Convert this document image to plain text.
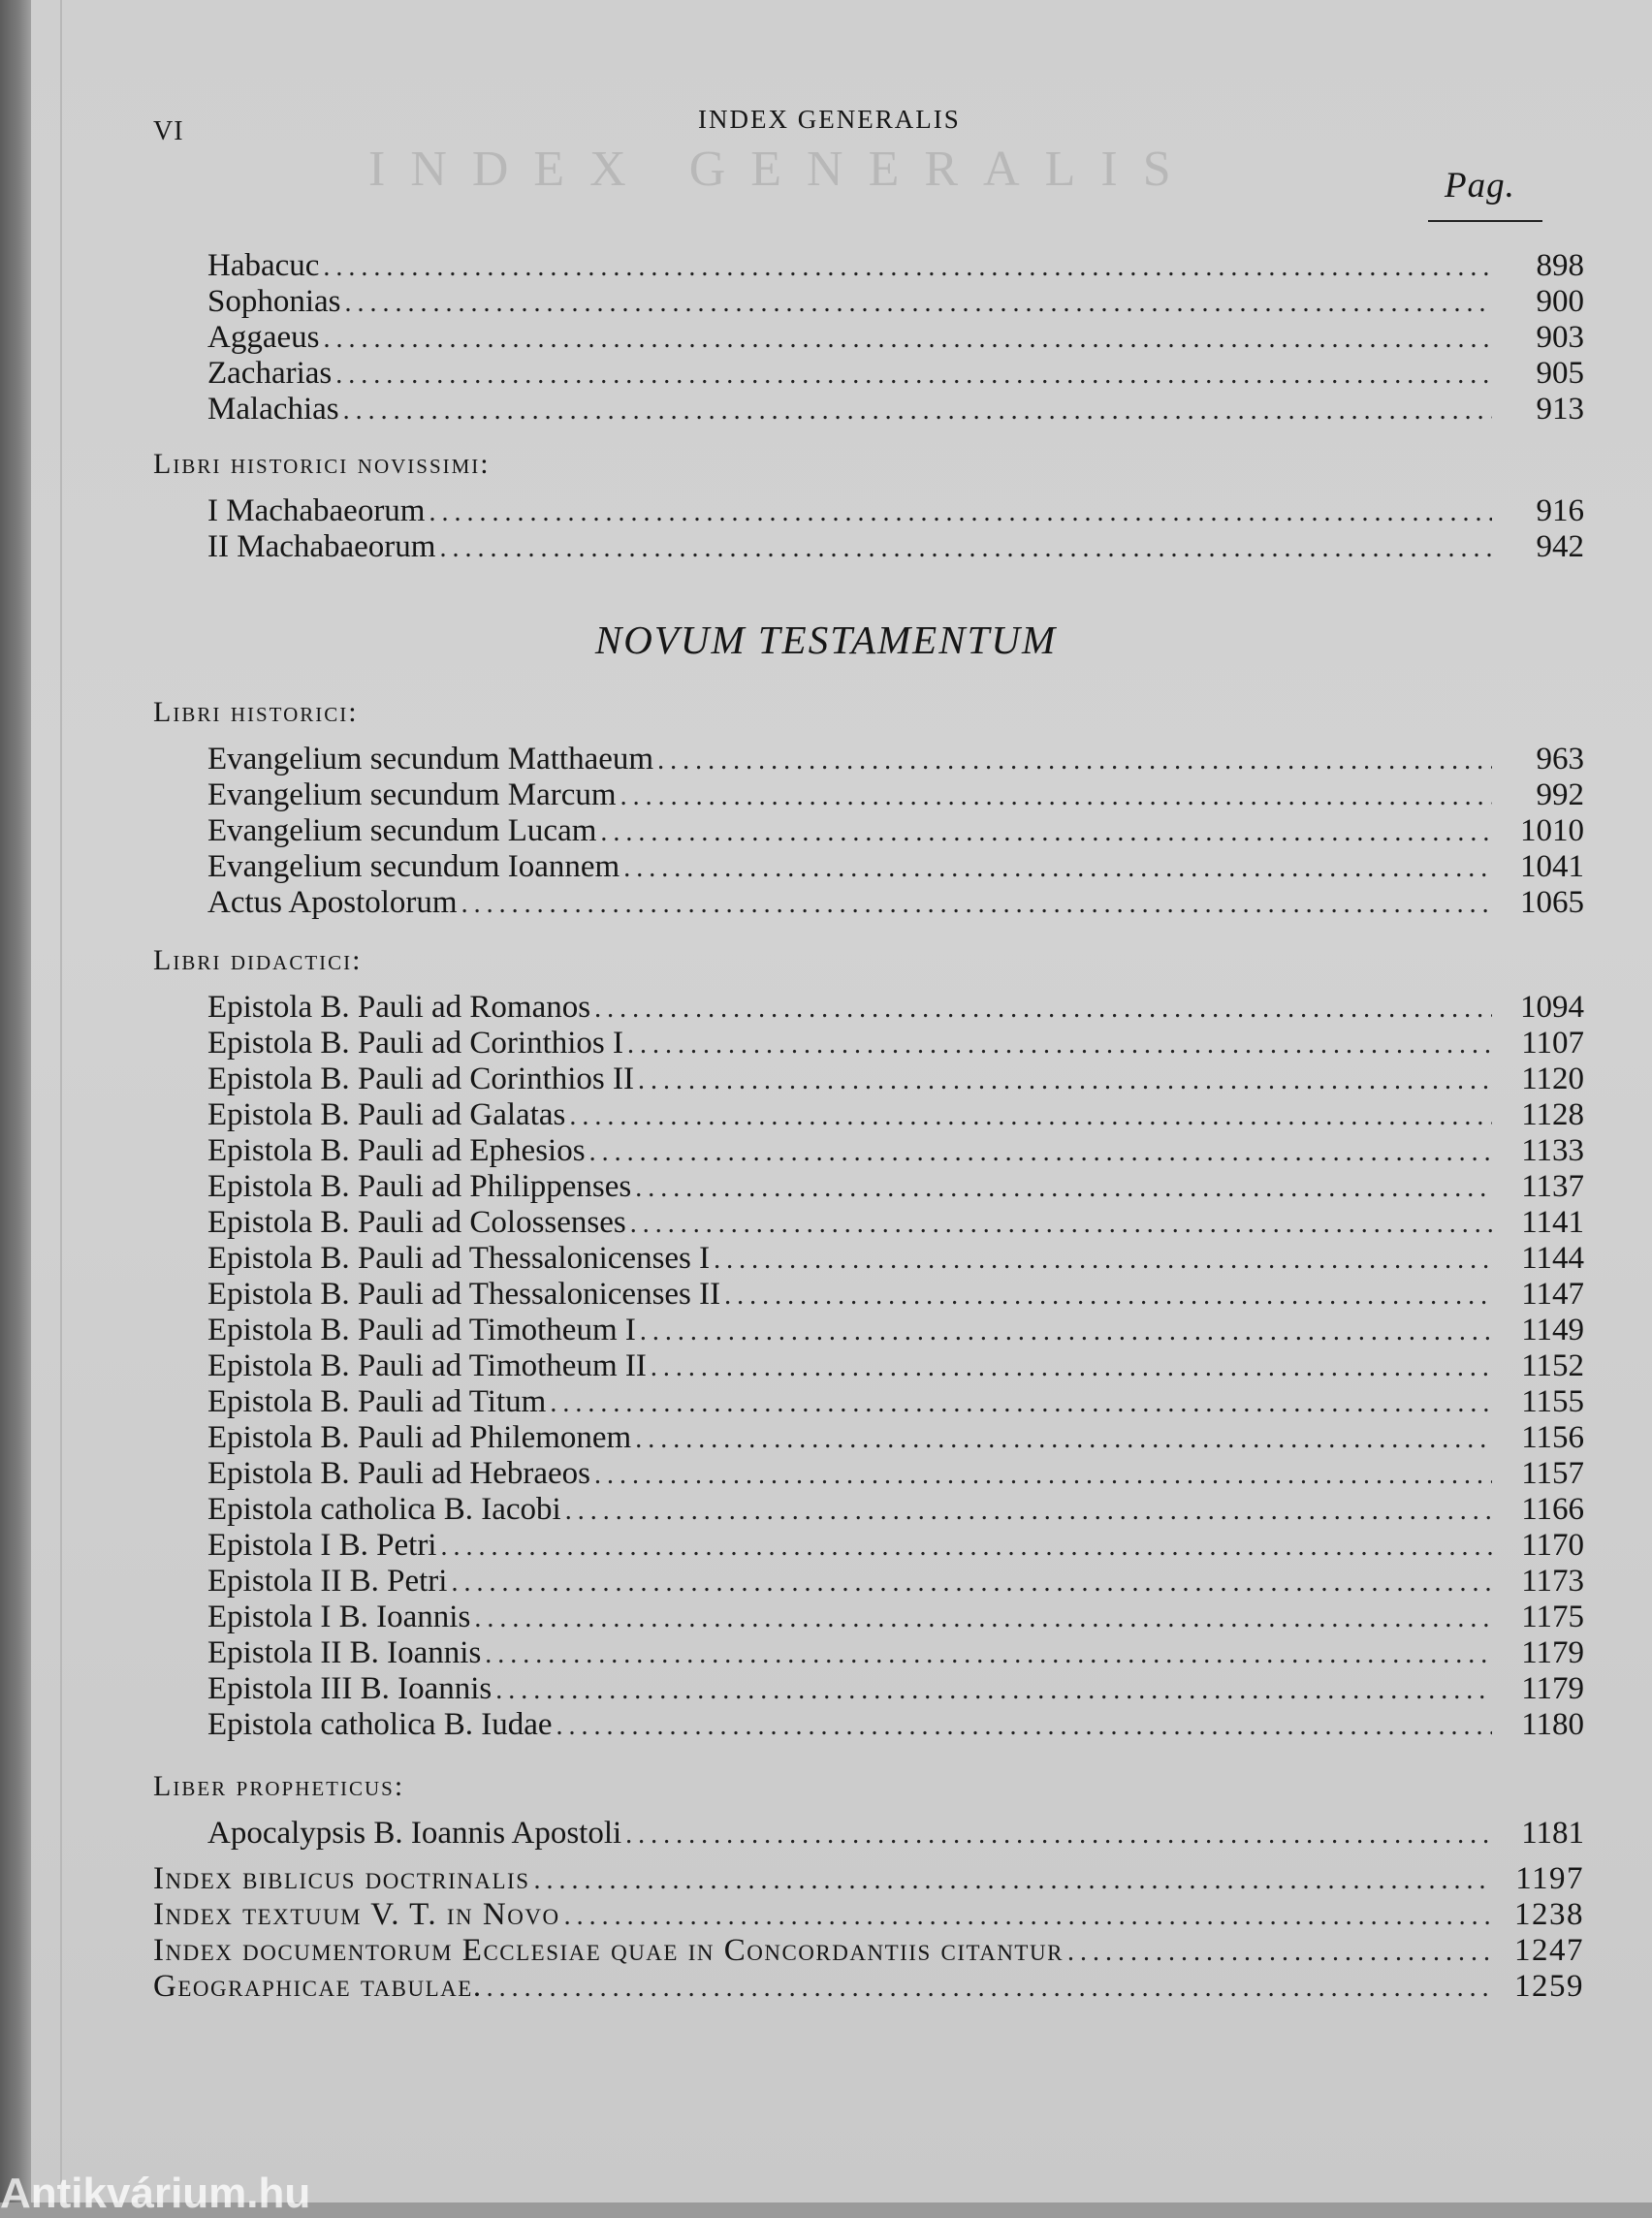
INDEX GENERALIS
VI	INDEX GENERALIS
Pag.
Habacuc .....	898
Sophonias .....	900
Aggaeus .....	903
Zacharias .....	905
Malachias .....	913
Libri historici novissimi:
I Machabaeorum .....	916
II Machabaeorum .....	942
NOVUM TESTAMENTUM
Libri historici:
Evangelium secundum Matthaeum .....	963
Evangelium secundum Marcum .....	992
Evangelium secundum Lucam .....	1010
Evangelium secundum Ioannem .....	1041
Actus Apostolorum .....	1065
Libri didactici:
Epistola B. Pauli ad Romanos .....	1094
Epistola B. Pauli ad Corinthios I .....	1107
Epistola B. Pauli ad Corinthios II .....	1120
Epistola B. Pauli ad Galatas .....	1128
Epistola B. Pauli ad Ephesios .....	1133
Epistola B. Pauli ad Philippenses .....	1137
Epistola B. Pauli ad Colossenses .....	1141
Epistola B. Pauli ad Thessalonicenses I .....	1144
Epistola B. Pauli ad Thessalonicenses II .....	1147
Epistola B. Pauli ad Timotheum I .....	1149
Epistola B. Pauli ad Timotheum II .....	1152
Epistola B. Pauli ad Titum .....	1155
Epistola B. Pauli ad Philemonem .....	1156
Epistola B. Pauli ad Hebraeos .....	1157
Epistola catholica B. Iacobi .....	1166
Epistola I B. Petri .....	1170
Epistola II B. Petri .....	1173
Epistola I B. Ioannis .....	1175
Epistola II B. Ioannis .....	1179
Epistola III B. Ioannis .....	1179
Epistola catholica B. Iudae .....	1180
Liber propheticus:
Apocalypsis B. Ioannis Apostoli .....	1181
Index biblicus doctrinalis .....	1197
Index textuum V. T. in Novo .....	1238
Index documentorum Ecclesiae quae in Concordantiis citantur .....	1247
Geographicae tabulae. .....	1259
Antikvárium.hu
